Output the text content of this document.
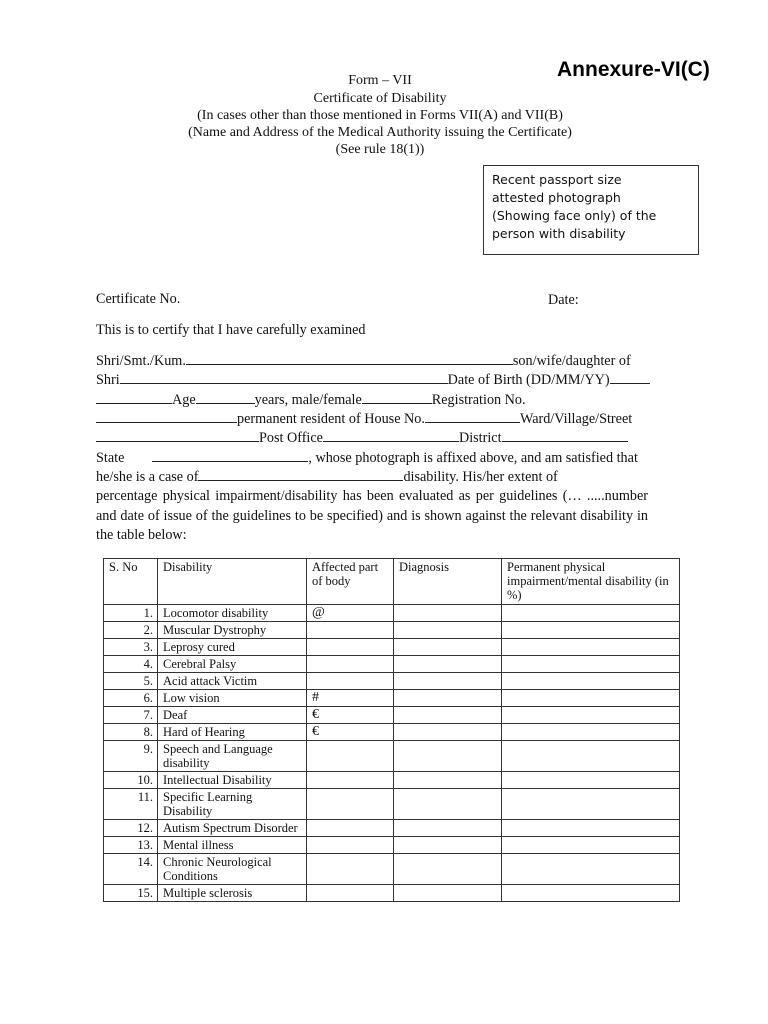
Annexure-VI(C)
Form – VII
Certificate of Disability
(In cases other than those mentioned in Forms VII(A) and VII(B)
(Name and Address of the Medical Authority issuing the Certificate)
(See rule 18(1))
Recent passport size
attested photograph
(Showing face only) of the
person with disability
Certificate No.	Date:
This is to certify that I have carefully examined
Shri/Smt./Kum.	son/wife/daughter of
Shri	Date of Birth (DD/MM/YY)
Age	years, male/female	Registration No.
permanent resident of House No.	Ward/Village/Street
Post Office	District
State	, whose photograph is affixed above, and am satisfied that
he/she is a case of	disability. His/her extent of
percentage physical impairment/disability has been evaluated as per guidelines (… .....number and date of issue of the guidelines to be specified) and is shown against the relevant disability in the table below:
S. No	Disability	Affected part of body	Diagnosis	Permanent physical impairment/mental disability (in %)
1.	Locomotor disability	@		
2.	Muscular Dystrophy			
3.	Leprosy cured			
4.	Cerebral Palsy			
5.	Acid attack Victim			
6.	Low vision	#		
7.	Deaf	€		
8.	Hard of Hearing	€		
9.	Speech and Language disability			
10.	Intellectual Disability			
11.	Specific Learning Disability			
12.	Autism Spectrum Disorder			
13.	Mental illness			
14.	Chronic Neurological Conditions			
15.	Multiple sclerosis			
